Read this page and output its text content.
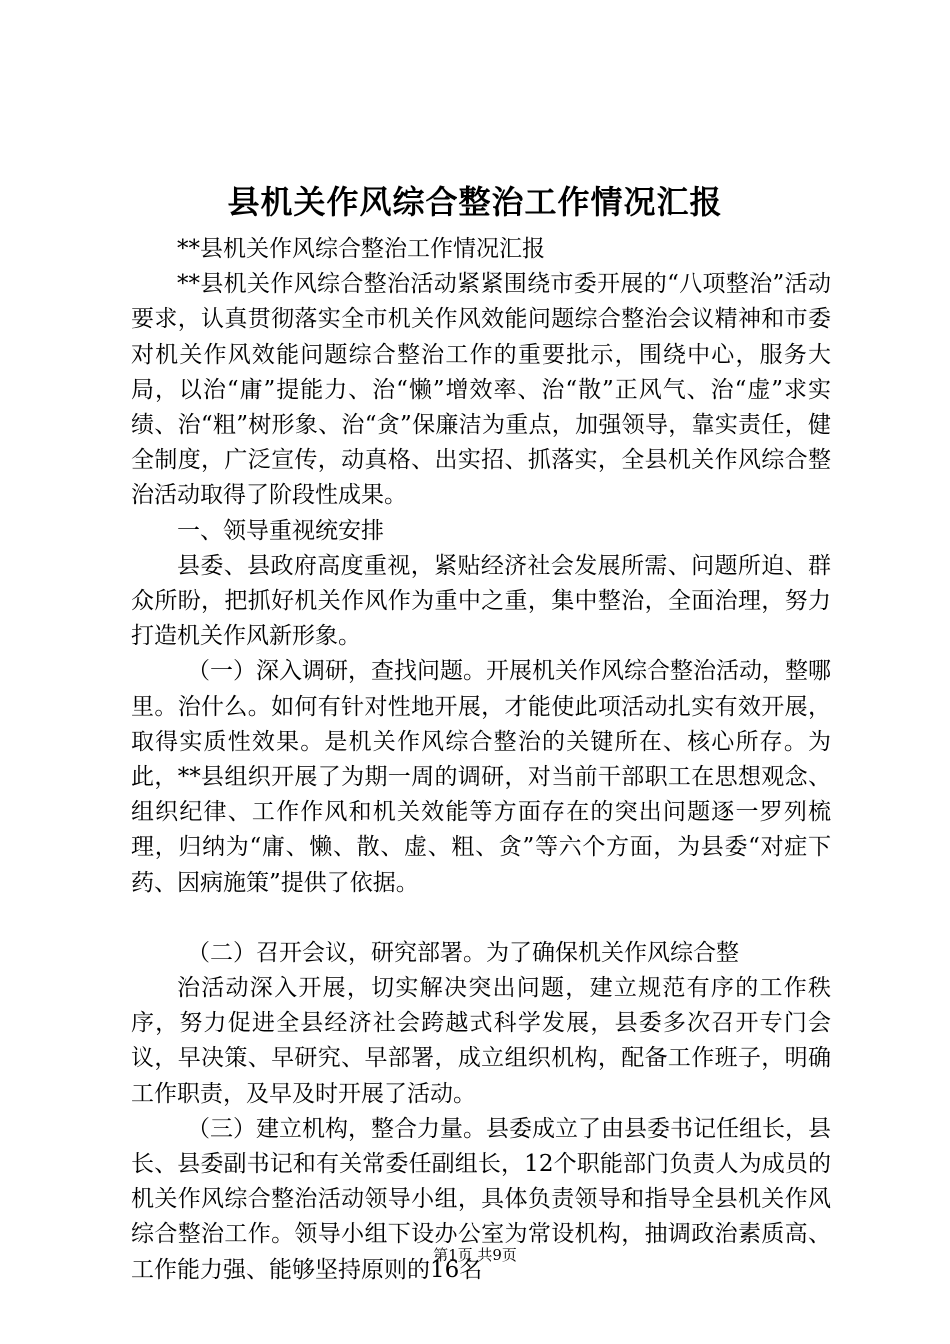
县机关作风综合整治工作情况汇报

**县机关作风综合整治工作情况汇报

**县机关作风综合整治活动紧紧围绕市委开展的“八项整治”活动要求，认真贯彻落实全市机关作风效能问题综合整治会议精神和市委对机关作风效能问题综合整治工作的重要批示，围绕中心，服务大局，以治“庸”提能力、治“懒”增效率、治“散”正风气、治“虚”求实绩、治“粗”树形象、治“贪”保廉洁为重点，加强领导，靠实责任，健全制度，广泛宣传，动真格、出实招、抓落实，全县机关作风综合整治活动取得了阶段性成果。

一、领导重视统安排

县委、县政府高度重视，紧贴经济社会发展所需、问题所迫、群众所盼，把抓好机关作风作为重中之重，集中整治，全面治理，努力打造机关作风新形象。

（一）深入调研，查找问题。开展机关作风综合整治活动，整哪里。治什么。如何有针对性地开展，才能使此项活动扎实有效开展，取得实质性效果。是机关作风综合整治的关键所在、核心所存。为此，**县组织开展了为期一周的调研，对当前干部职工在思想观念、组织纪律、工作作风和机关效能等方面存在的突出问题逐一罗列梳理，归纳为“庸、懒、散、虚、粗、贪”等六个方面，为县委“对症下药、因病施策”提供了依据。

（二）召开会议，研究部署。为了确保机关作风综合整

治活动深入开展，切实解决突出问题，建立规范有序的工作秩序，努力促进全县经济社会跨越式科学发展，县委多次召开专门会议，早决策、早研究、早部署，成立组织机构，配备工作班子，明确工作职责，及早及时开展了活动。

（三）建立机构，整合力量。县委成立了由县委书记任组长，县长、县委副书记和有关常委任副组长，12个职能部门负责人为成员的机关作风综合整治活动领导小组，具体负责领导和指导全县机关作风综合整治工作。领导小组下设办公室为常设机构，抽调政治素质高、工作能力强、能够坚持原则的16名

第1页 共9页
